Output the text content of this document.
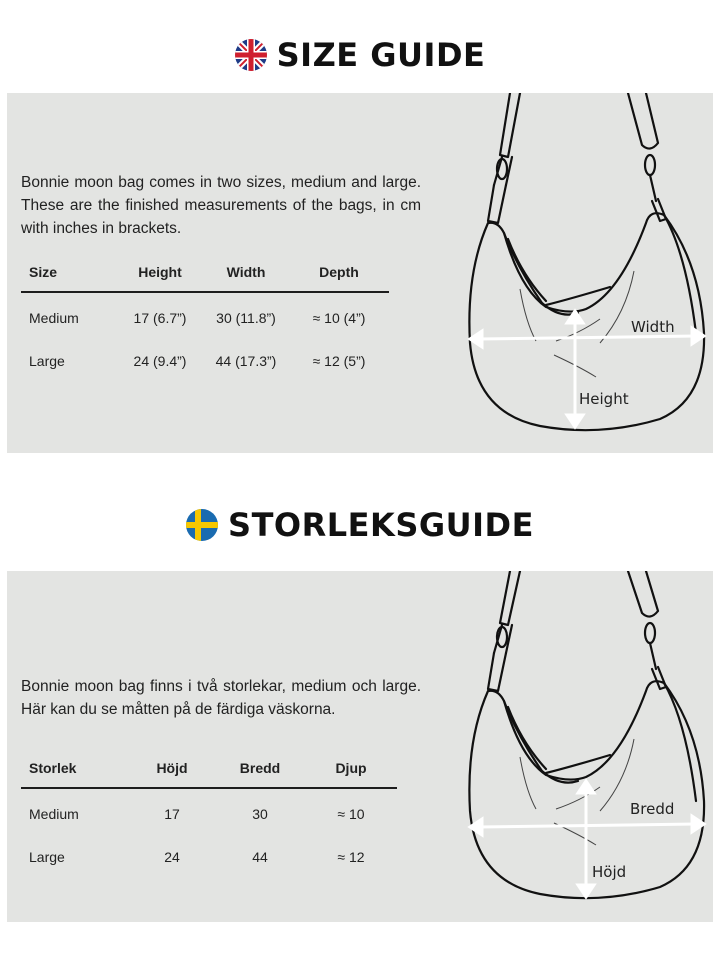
SIZE GUIDE

Bonnie moon bag comes in two sizes, medium and large. These are the finished measurements of the bags, in cm with inches in brackets.

Size	Height	Width	Depth
Medium	17 (6.7”)	30 (11.8”)	≈ 10 (4”)
Large	24 (9.4”)	44 (17.3”)	≈ 12 (5”)
Width
Height
STORLEKSGUIDE

Bonnie moon bag finns i två storlekar, medium och large. Här kan du se måtten på de färdiga väskorna.

Storlek	Höjd	Bredd	Djup
Medium	17	30	≈ 10
Large	24	44	≈ 12
Bredd
Höjd
